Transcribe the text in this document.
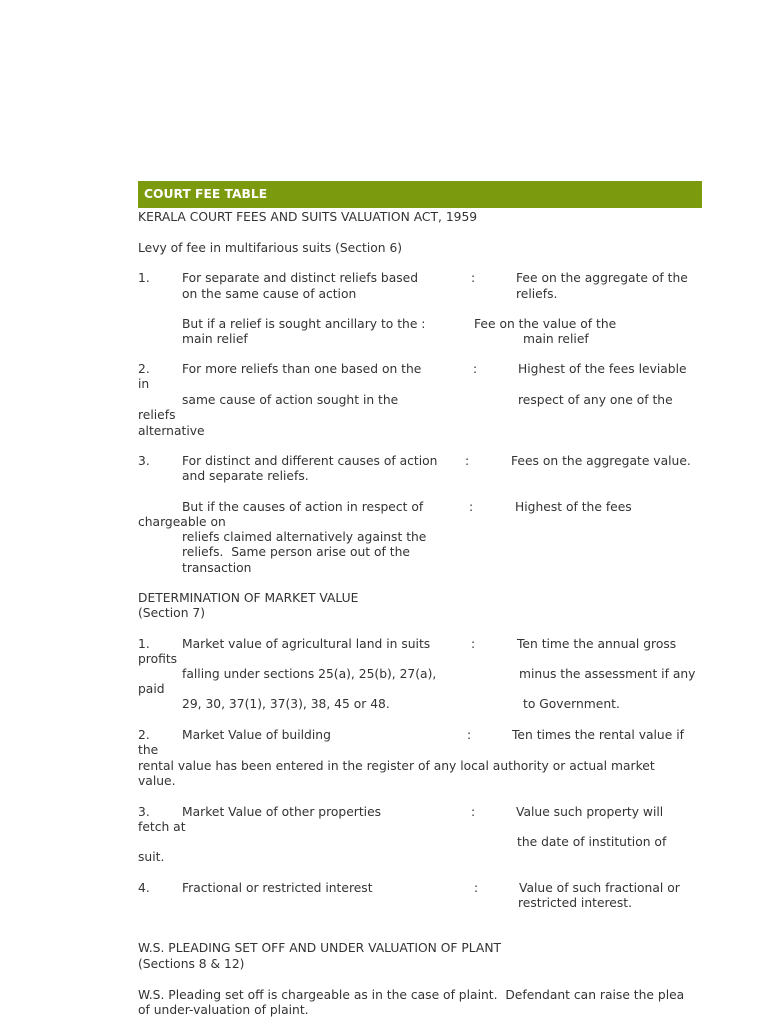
COURT FEE TABLE
KERALA COURT FEES AND SUITS VALUATION ACT, 1959
Levy of fee in multifarious suits (Section 6)
1.	For separate and distinct reliefs based	:	Fee on the aggregate of the
on the same cause of action	reliefs.
But if a relief is sought ancillary to the :	Fee on the value of the
main relief	main relief
2.	For more reliefs than one based on the	:	Highest of the fees leviable
in
same cause of action sought in the	respect of any one of the
reliefs
alternative
3.	For distinct and different causes of action :	Fees on the aggregate value.
and separate reliefs.
But if the causes of action in respect of	:	Highest of the fees
chargeable on
reliefs claimed alternatively against the
reliefs.  Same person arise out of the
transaction
DETERMINATION OF MARKET VALUE
(Section 7)
1.	Market value of agricultural land in suits	:	Ten time the annual gross
profits
falling under sections 25(a), 25(b), 27(a),	minus the assessment if any
paid
29, 30, 37(1), 37(3), 38, 45 or 48.	to Government.
2.	Market Value of building	:	Ten times the rental value if
the
rental value has been entered in the register of any local authority or actual market
value.
3.	Market Value of other properties	:	Value such property will
fetch at
the date of institution of
suit.
4.	Fractional or restricted interest	:	Value of such fractional or
restricted interest.
W.S. PLEADING SET OFF AND UNDER VALUATION OF PLANT
(Sections 8 & 12)
W.S. Pleading set off is chargeable as in the case of plaint.  Defendant can raise the plea
of under-valuation of plaint.
